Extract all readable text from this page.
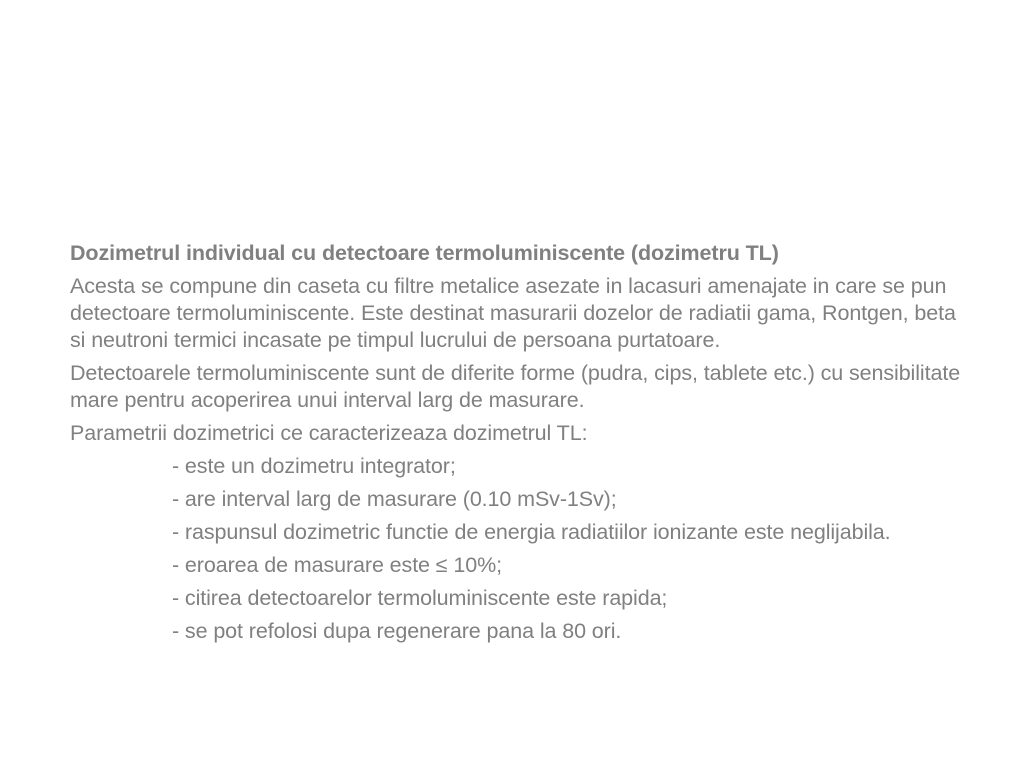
Dozimetrul individual cu detectoare termoluminiscente (dozimetru TL)
Acesta se compune din caseta cu filtre metalice asezate in lacasuri amenajate in care se pun detectoare termoluminiscente. Este destinat masurarii dozelor de radiatii gama, Rontgen, beta si neutroni termici incasate pe timpul lucrului de persoana purtatoare.
Detectoarele termoluminiscente sunt de diferite forme (pudra, cips, tablete etc.) cu sensibilitate mare pentru acoperirea unui interval larg de masurare.
Parametrii dozimetrici ce caracterizeaza dozimetrul TL:
- este un dozimetru integrator;
- are interval larg de masurare (0.10 mSv-1Sv);
- raspunsul dozimetric functie de energia radiatiilor ionizante este neglijabila.
- eroarea de masurare este ≤ 10%;
- citirea detectoarelor termoluminiscente este rapida;
- se pot refolosi dupa regenerare pana la 80 ori.
